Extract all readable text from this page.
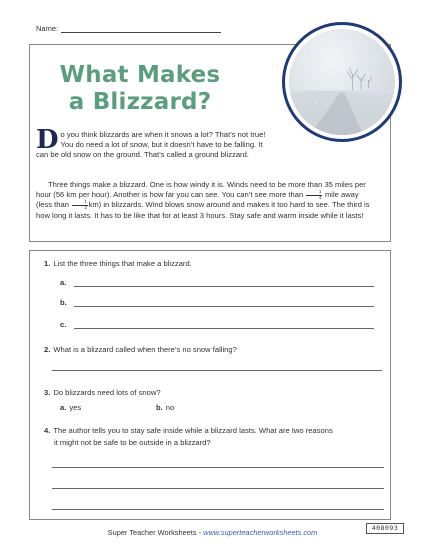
Name:
What Makes
a Blizzard?
Do you think blizzards are when it snows a lot? That’s not true! You do need a lot of snow, but it doesn’t have to be falling. It can be old snow on the ground. That’s called a ground blizzard.
Three things make a blizzard. One is how windy it is. Winds need to be more than 35 miles per hour (56 km per hour). Another is how far you can see. You can’t see more than $\frac{1}{4}$ mile away (less than $\frac{1}{2} km$) in blizzards. Wind blows snow around and makes it too hard to see. The third is how long it lasts. It has to be like that for at least 3 hours. Stay safe and warm inside while it lasts!
1. List the three things that make a blizzard.
a.
b.
c.
2. What is a blizzard called when there’s no snow falling?
3. Do blizzards need lots of snow?
a. yes	b. no
4. The author tells you to stay safe inside while a blizzard lasts. What are two reasons
it might not be safe to be outside in a blizzard?
Super Teacher Worksheets - www.superteacherworksheets.com	408093
